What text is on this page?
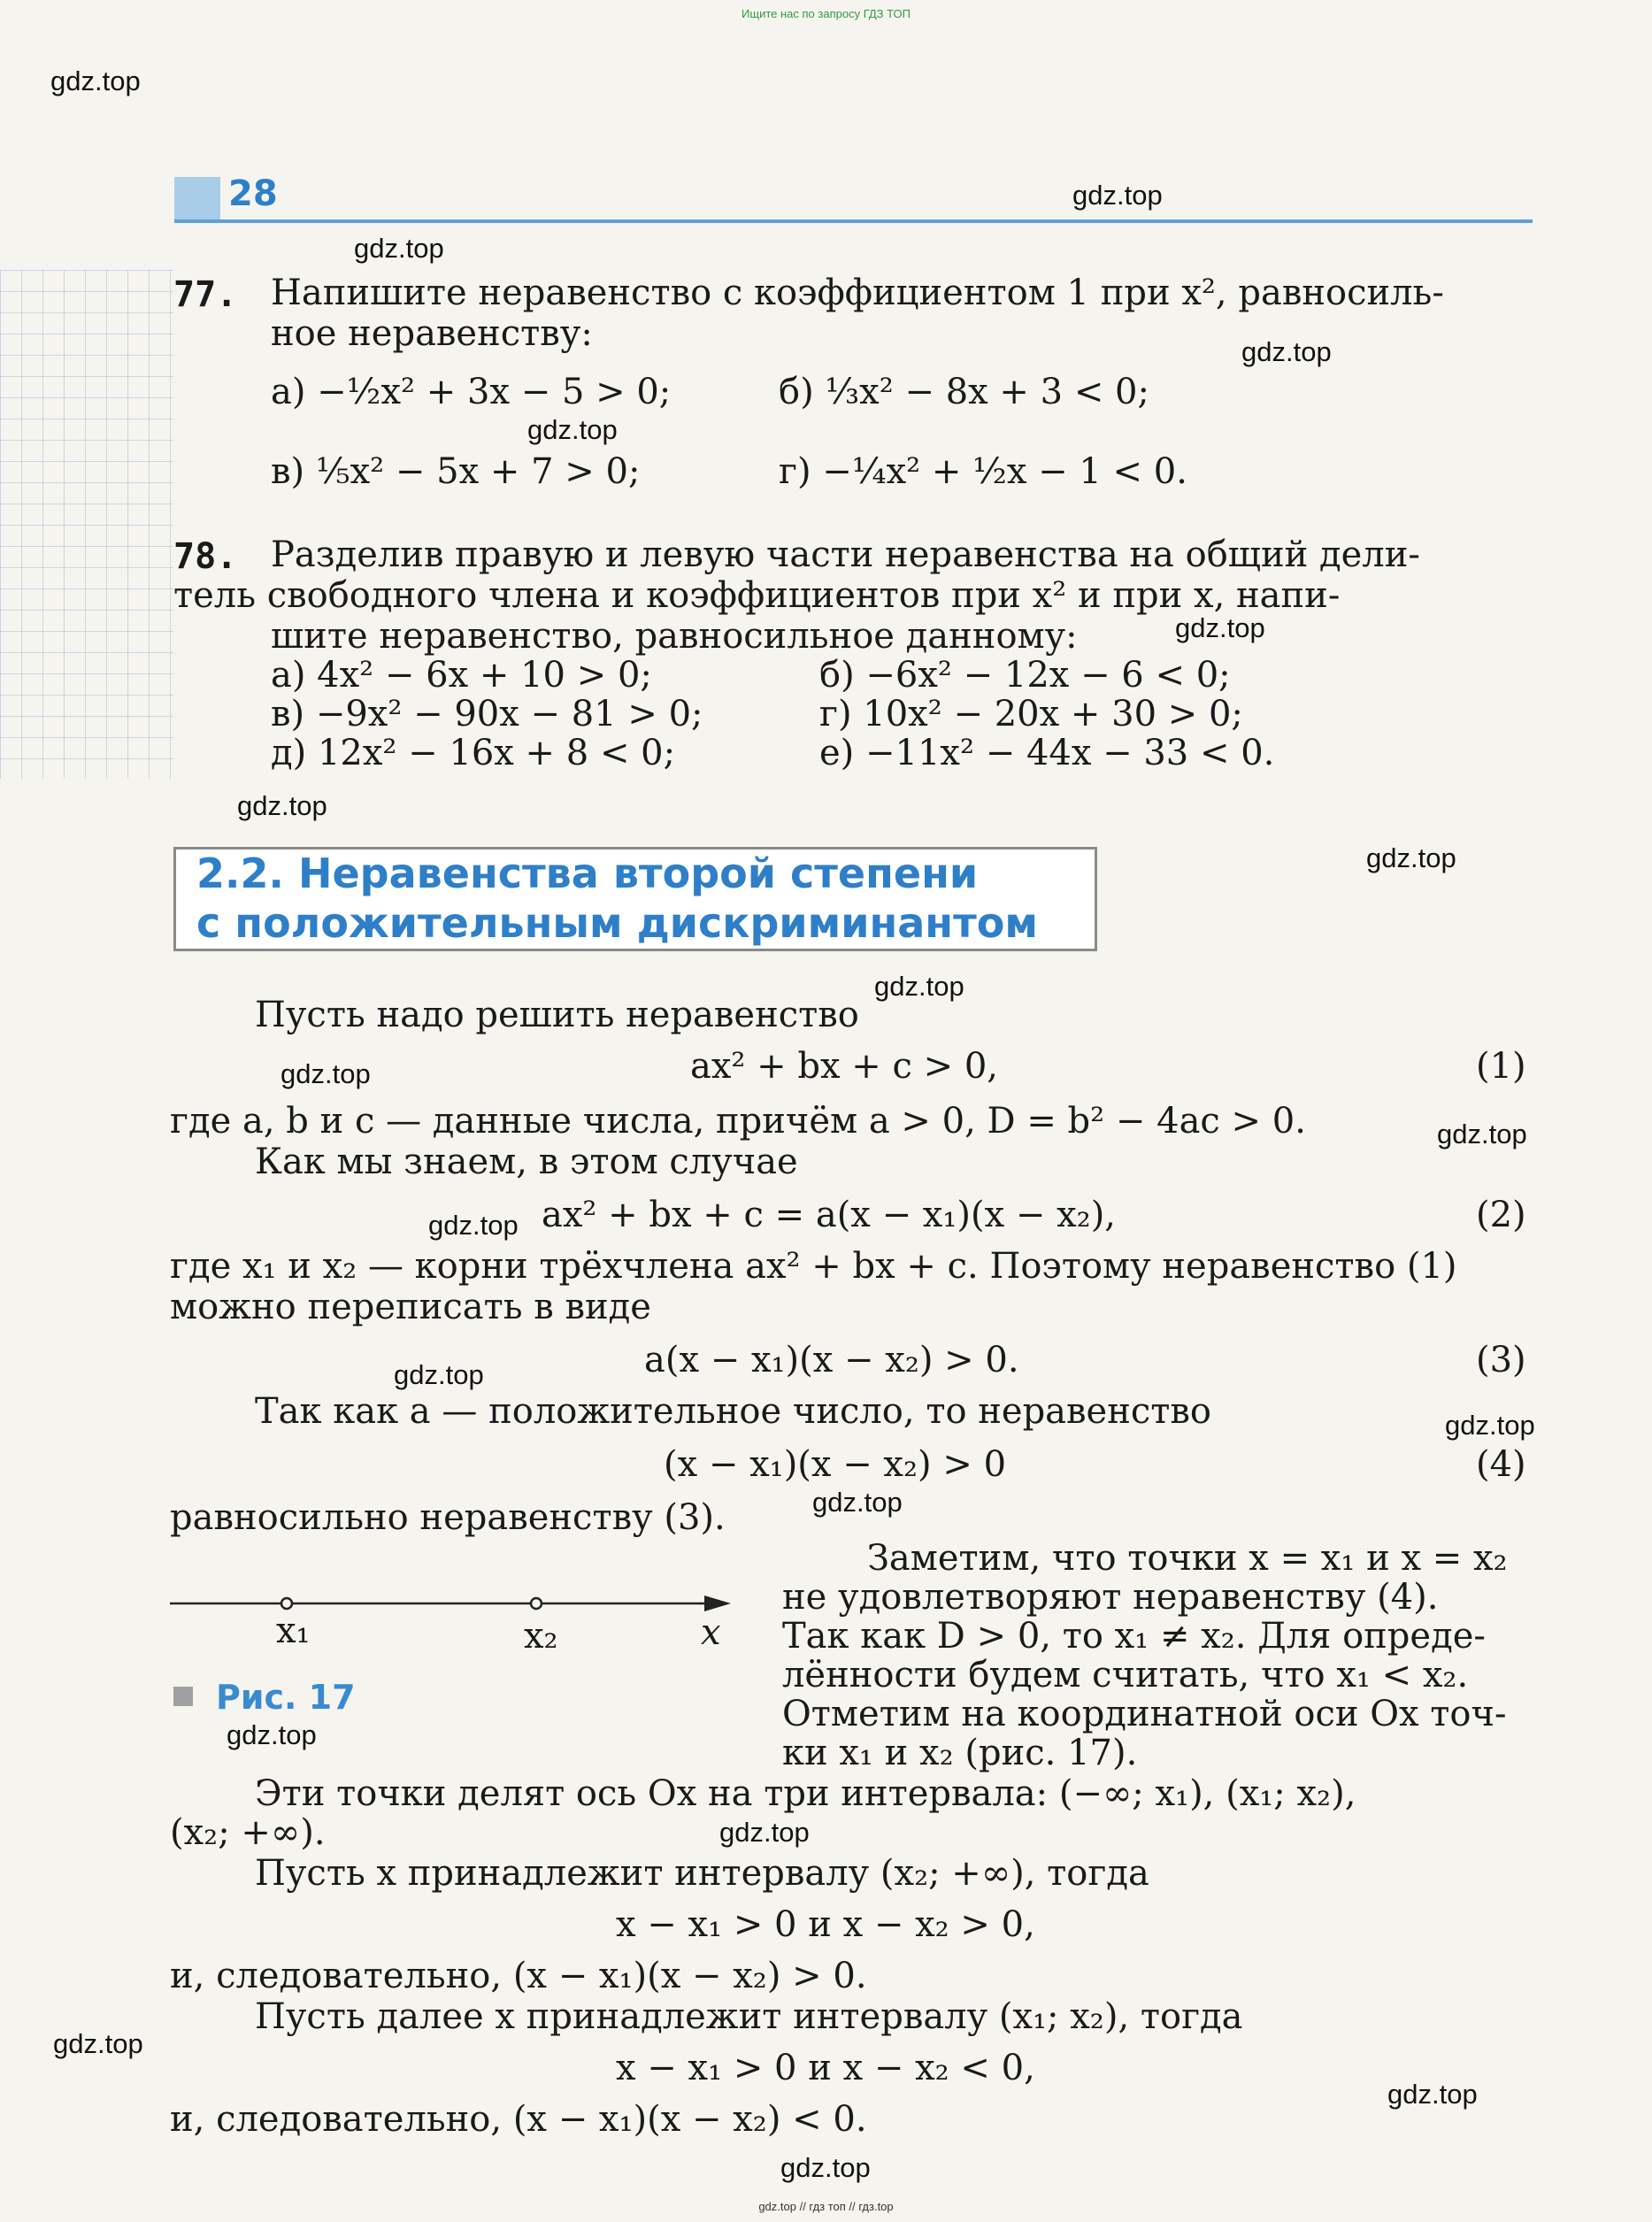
Ищите нас по запросу ГДЗ ТОП
28
gdz.top
gdz.top
gdz.top
gdz.top
gdz.top
gdz.top
gdz.top
gdz.top
gdz.top
gdz.top
gdz.top
gdz.top
gdz.top
gdz.top
gdz.top
gdz.top
gdz.top
gdz.top
gdz.top
gdz.top
77. Напишите неравенство с коэффициентом 1 при x², равносиль-
ное неравенству:
а) −½x² + 3x − 5 > 0;	б) ⅓x² − 8x + 3 < 0;
в) ⅕x² − 5x + 7 > 0;	г) −¼x² + ½x − 1 < 0.
78. Разделив правую и левую части неравенства на общий дели-
тель свободного члена и коэффициентов при x² и при x, напи-
шите неравенство, равносильное данному:
а) 4x² − 6x + 10 > 0;	б) −6x² − 12x − 6 < 0;
в) −9x² − 90x − 81 > 0;	г) 10x² − 20x + 30 > 0;
д) 12x² − 16x + 8 < 0;	е) −11x² − 44x − 33 < 0.
2.2. Неравенства второй степени
с положительным дискриминантом
Пусть надо решить неравенство
ax² + bx + c > 0,	(1)
где a, b и c — данные числа, причём a > 0, D = b² − 4ac > 0.
Как мы знаем, в этом случае
ax² + bx + c = a(x − x₁)(x − x₂),	(2)
где x₁ и x₂ — корни трёхчлена ax² + bx + c. Поэтому неравенство (1)
можно переписать в виде
a(x − x₁)(x − x₂) > 0.	(3)
Так как a — положительное число, то неравенство
(x − x₁)(x − x₂) > 0	(4)
равносильно неравенству (3).
Заметим, что точки x = x₁ и x = x₂
не удовлетворяют неравенству (4).
Так как D > 0, то x₁ ≠ x₂. Для опреде-
лённости будем считать, что x₁ < x₂.
Отметим на координатной оси Ox точ-
ки x₁ и x₂ (рис. 17).
x₁	x₂	x
Рис. 17
Эти точки делят ось Ox на три интервала: (−∞; x₁), (x₁; x₂),
(x₂; +∞).
Пусть x принадлежит интервалу (x₂; +∞), тогда
x − x₁ > 0 и x − x₂ > 0,
и, следовательно, (x − x₁)(x − x₂) > 0.
Пусть далее x принадлежит интервалу (x₁; x₂), тогда
x − x₁ > 0 и x − x₂ < 0,
и, следовательно, (x − x₁)(x − x₂) < 0.
gdz.top // гдз топ // гдз.top
